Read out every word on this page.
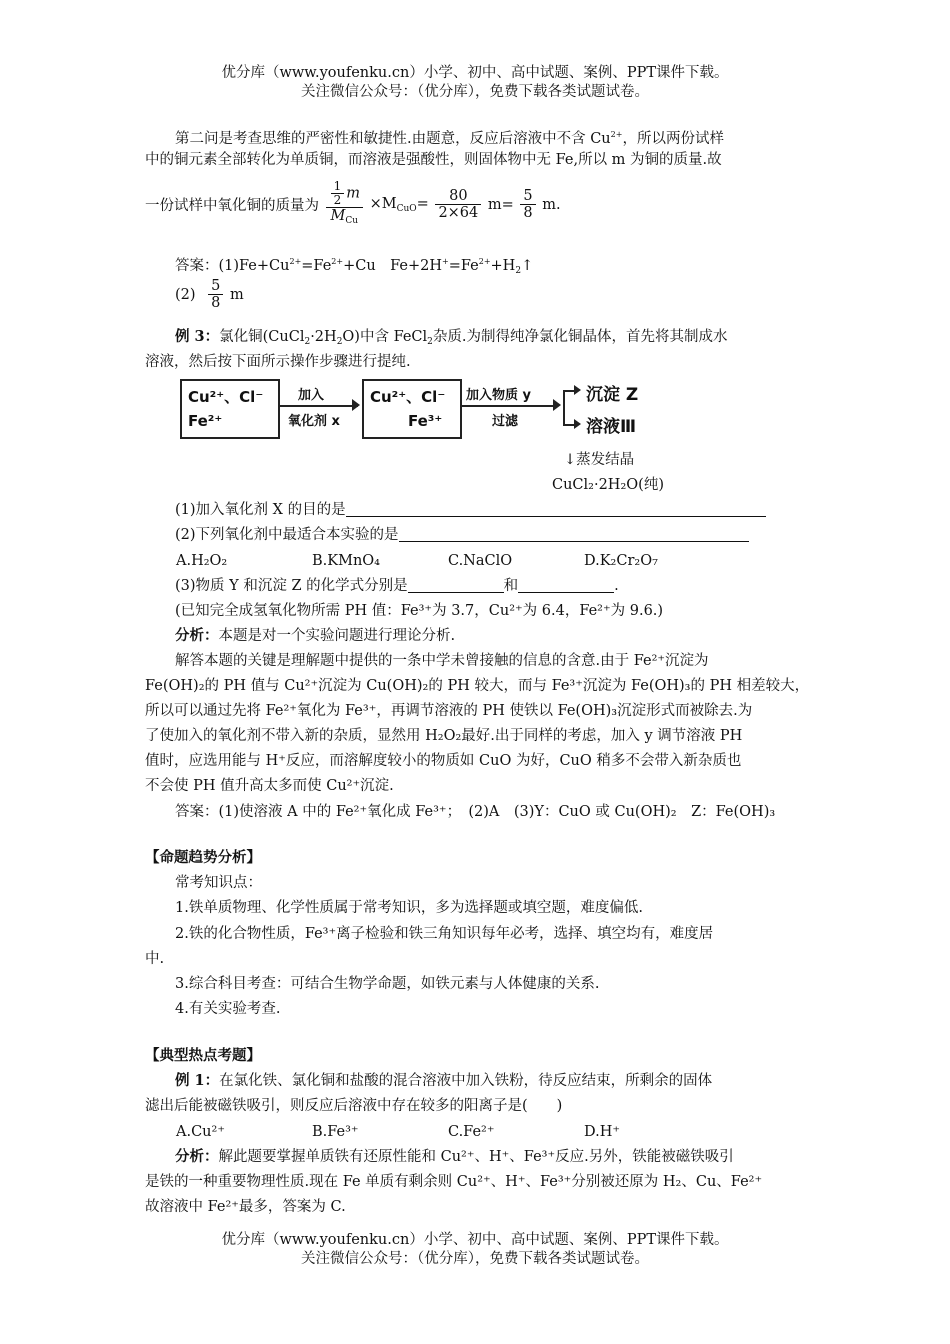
优分库（www.youfenku.cn）小学、初中、高中试题、案例、PPT课件下载。
关注微信公众号：（优分库），免费下载各类试题试卷。
第二问是考查思维的严密性和敏捷性.由题意，反应后溶液中不含 $Cu^{2+}$，所以两份试样
中的铜元素全部转化为单质铜，而溶液是强酸性，则固体物中无 Fe,所以 m 为铜的质量.故
一份试样中氧化铜的质量为 $\frac{\frac{1}{2} m}{M_{Cu}} \times M_{CuO}= \frac{80}{2\times 64} m= \frac{5}{8} m$.
答案：$(1)Fe+Cu^{2+}=Fe^{2+}+Cu$　$Fe+2H^+=Fe^{2+}+H_2↑$
$(2) \frac{5}{8}$ m
例 3：氯化铜$(CuCl_2\cdot 2H_2O)$中含 FeCl$_2$杂质.为制得纯净氯化铜晶体，首先将其制成水
溶液，然后按下面所示操作步骤进行提纯.
Cu²⁺、Cl⁻
Fe²⁺
加入
氧化剂 x
Cu²⁺、Cl⁻
Fe³⁺
加入物质 y
过滤
沉淀 Z
溶液Ⅲ
↓蒸发结晶
CuCl₂·2H₂O(纯)
(1)加入氧化剂 X 的目的是
(2)下列氧化剂中最适合本实验的是
A.H₂O₂	B.KMnO₄	C.NaClO	D.K₂Cr₂O₇
(3)物质 Y 和沉淀 Z 的化学式分别是	和	.
(已知完全成氢氧化物所需 PH 值：Fe³⁺为 3.7，Cu²⁺为 6.4，Fe²⁺为 9.6.)
分析：本题是对一个实验问题进行理论分析.
解答本题的关键是理解题中提供的一条中学未曾接触的信息的含意.由于 Fe²⁺沉淀为
Fe(OH)₂的 PH 值与 Cu²⁺沉淀为 Cu(OH)₂的 PH 较大，而与 Fe³⁺沉淀为 Fe(OH)₃的 PH 相差较大，
所以可以通过先将 Fe²⁺氧化为 Fe³⁺，再调节溶液的 PH 使铁以 Fe(OH)₃沉淀形式而被除去.为
了使加入的氧化剂不带入新的杂质，显然用 H₂O₂最好.出于同样的考虑，加入 y 调节溶液 PH
值时，应选用能与 H⁺反应，而溶解度较小的物质如 CuO 为好，CuO 稍多不会带入新杂质也
不会使 PH 值升高太多而使 Cu²⁺沉淀.
答案：(1)使溶液 A 中的 Fe²⁺氧化成 Fe³⁺；　(2)A　(3)Y：CuO 或 Cu(OH)₂　Z：Fe(OH)₃
【命题趋势分析】
常考知识点：
1.铁单质物理、化学性质属于常考知识，多为选择题或填空题，难度偏低.
2.铁的化合物性质，Fe³⁺离子检验和铁三角知识每年必考，选择、填空均有，难度居
中.
3.综合科目考查：可结合生物学命题，如铁元素与人体健康的关系.
4.有关实验考查.
【典型热点考题】
例 1：在氯化铁、氯化铜和盐酸的混合溶液中加入铁粉，待反应结束，所剩余的固体
滤出后能被磁铁吸引，则反应后溶液中存在较多的阳离子是(　　)
A.Cu²⁺	B.Fe³⁺	C.Fe²⁺	D.H⁺
分析：解此题要掌握单质铁有还原性能和 Cu²⁺、H⁺、Fe³⁺反应.另外，铁能被磁铁吸引
是铁的一种重要物理性质.现在 Fe 单质有剩余则 Cu²⁺、H⁺、Fe³⁺分别被还原为 H₂、Cu、Fe²⁺
故溶液中 Fe²⁺最多，答案为 C.
优分库（www.youfenku.cn）小学、初中、高中试题、案例、PPT课件下载。
关注微信公众号：（优分库），免费下载各类试题试卷。
